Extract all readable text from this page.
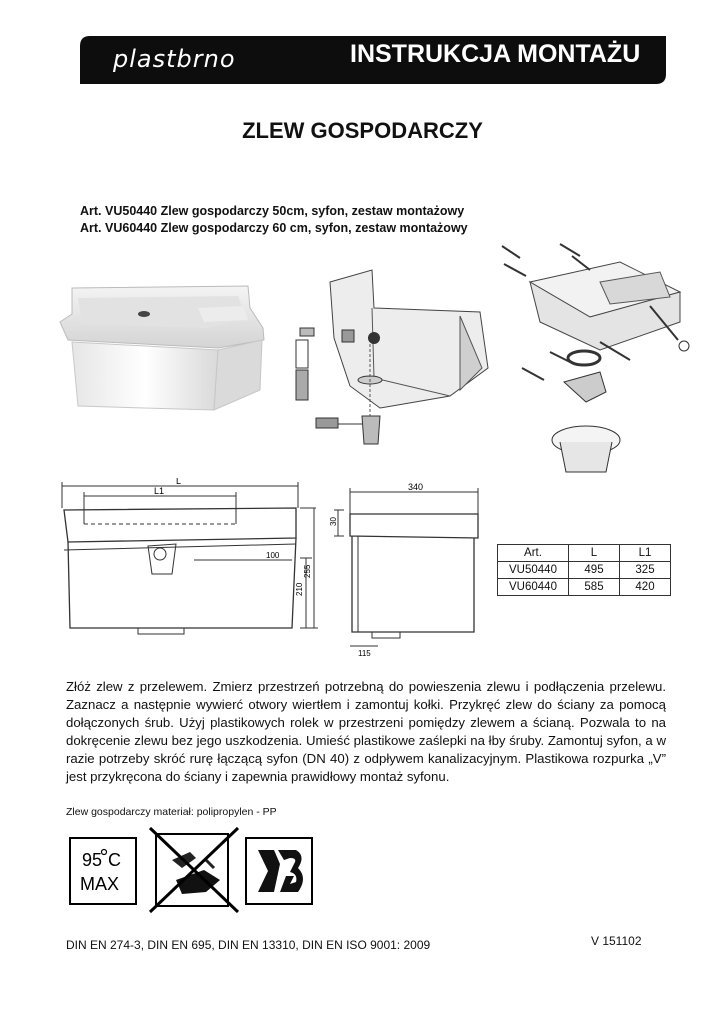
plastbrno	INSTRUKCJA MONTAŻU
ZLEW GOSPODARCZY
Art. VU50440 Zlew gospodarczy 50cm, syfon, zestaw montażowy
Art. VU60440 Zlew gospodarczy 60 cm, syfon, zestaw montażowy
L
L1
100
210
255
340
30
115
Art.	L	L1
VU50440	495	325
VU60440	585	420
Złóż zlew z przelewem. Zmierz przestrzeń potrzebną do powieszenia zlewu i podłączenia przelewu. Zaznacz a następnie wywierć otwory wiertłem i zamontuj kołki. Przykręć zlew do ściany za pomocą dołączonych śrub. Użyj plastikowych rolek w przestrzeni pomiędzy zlewem a ścianą. Pozwala to na dokręcenie zlewu bez jego uszkodzenia. Umieść plastikowe zaślepki na łby śruby. Zamontuj syfon, a w razie potrzeby skróć rurę łączącą syfon (DN 40) z odpływem kanalizacyjnym. Plastikowa rozpurka „V” jest przykręcona do ściany i zapewnia prawidłowy montaż syfonu.
Zlew gospodarczy materiał: polipropylen - PP
95 C
MAX
DIN EN 274-3, DIN EN 695, DIN EN 13310, DIN EN ISO 9001: 2009	V 151102
